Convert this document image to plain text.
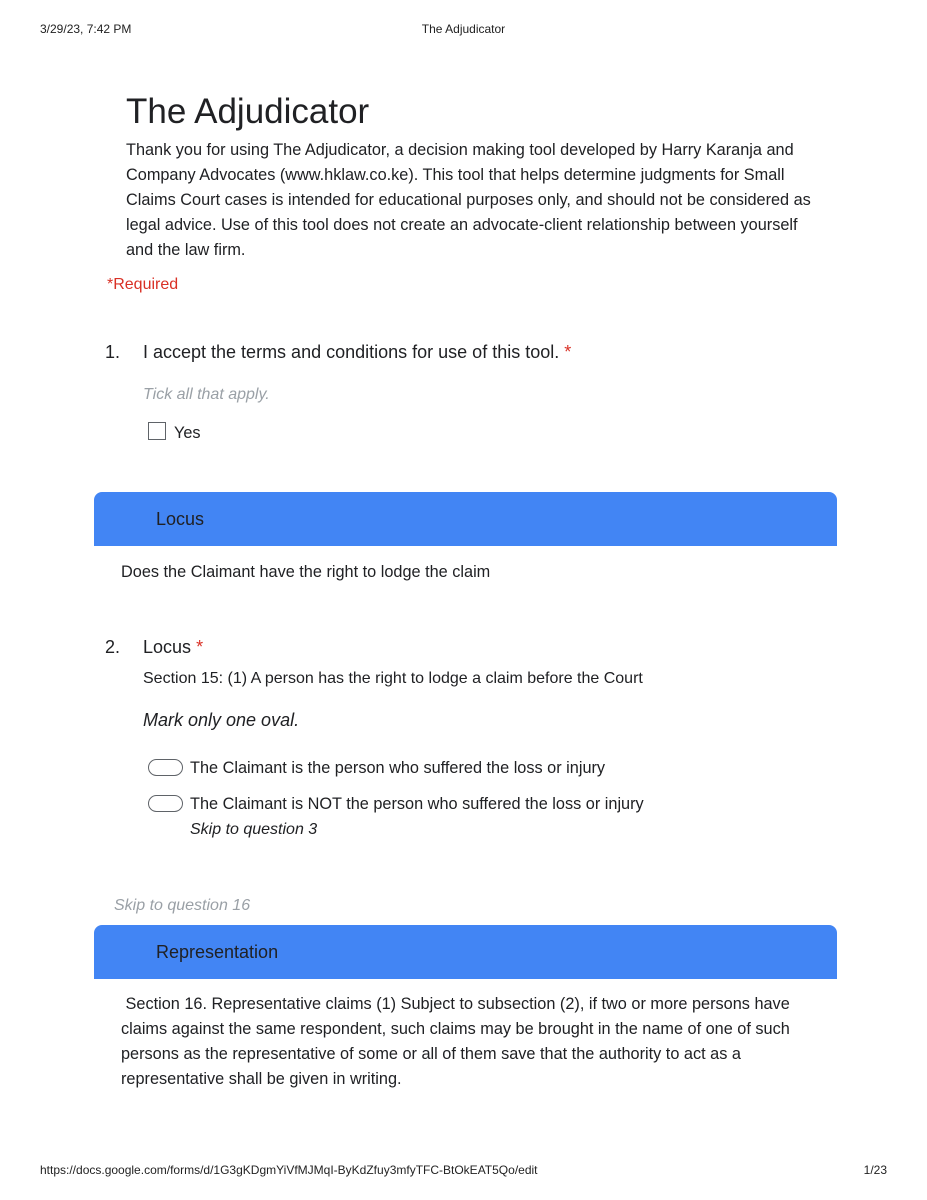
3/29/23, 7:42 PM	The Adjudicator
The Adjudicator
Thank you for using The Adjudicator, a decision making tool developed by Harry Karanja and Company Advocates (www.hklaw.co.ke). This tool that helps determine judgments for Small Claims Court cases is intended for educational purposes only, and should not be considered as legal advice. Use of this tool does not create an advocate-client relationship between yourself and the law firm.
*Required
1. I accept the terms and conditions for use of this tool. *
Tick all that apply.
Yes
Locus
Does the Claimant have the right to lodge the claim
2. Locus *
Section 15: (1) A person has the right to lodge a claim before the Court
Mark only one oval.
The Claimant is the person who suffered the loss or injury
The Claimant is NOT the person who suffered the loss or injury
Skip to question 3
Skip to question 16
Representation
Section 16. Representative claims (1) Subject to subsection (2), if two or more persons have claims against the same respondent, such claims may be brought in the name of one of such persons as the representative of some or all of them save that the authority to act as a representative shall be given in writing.
https://docs.google.com/forms/d/1G3gKDgmYiVfMJMqI-ByKdZfuy3mfyTFC-BtOkEAT5Qo/edit	1/23
